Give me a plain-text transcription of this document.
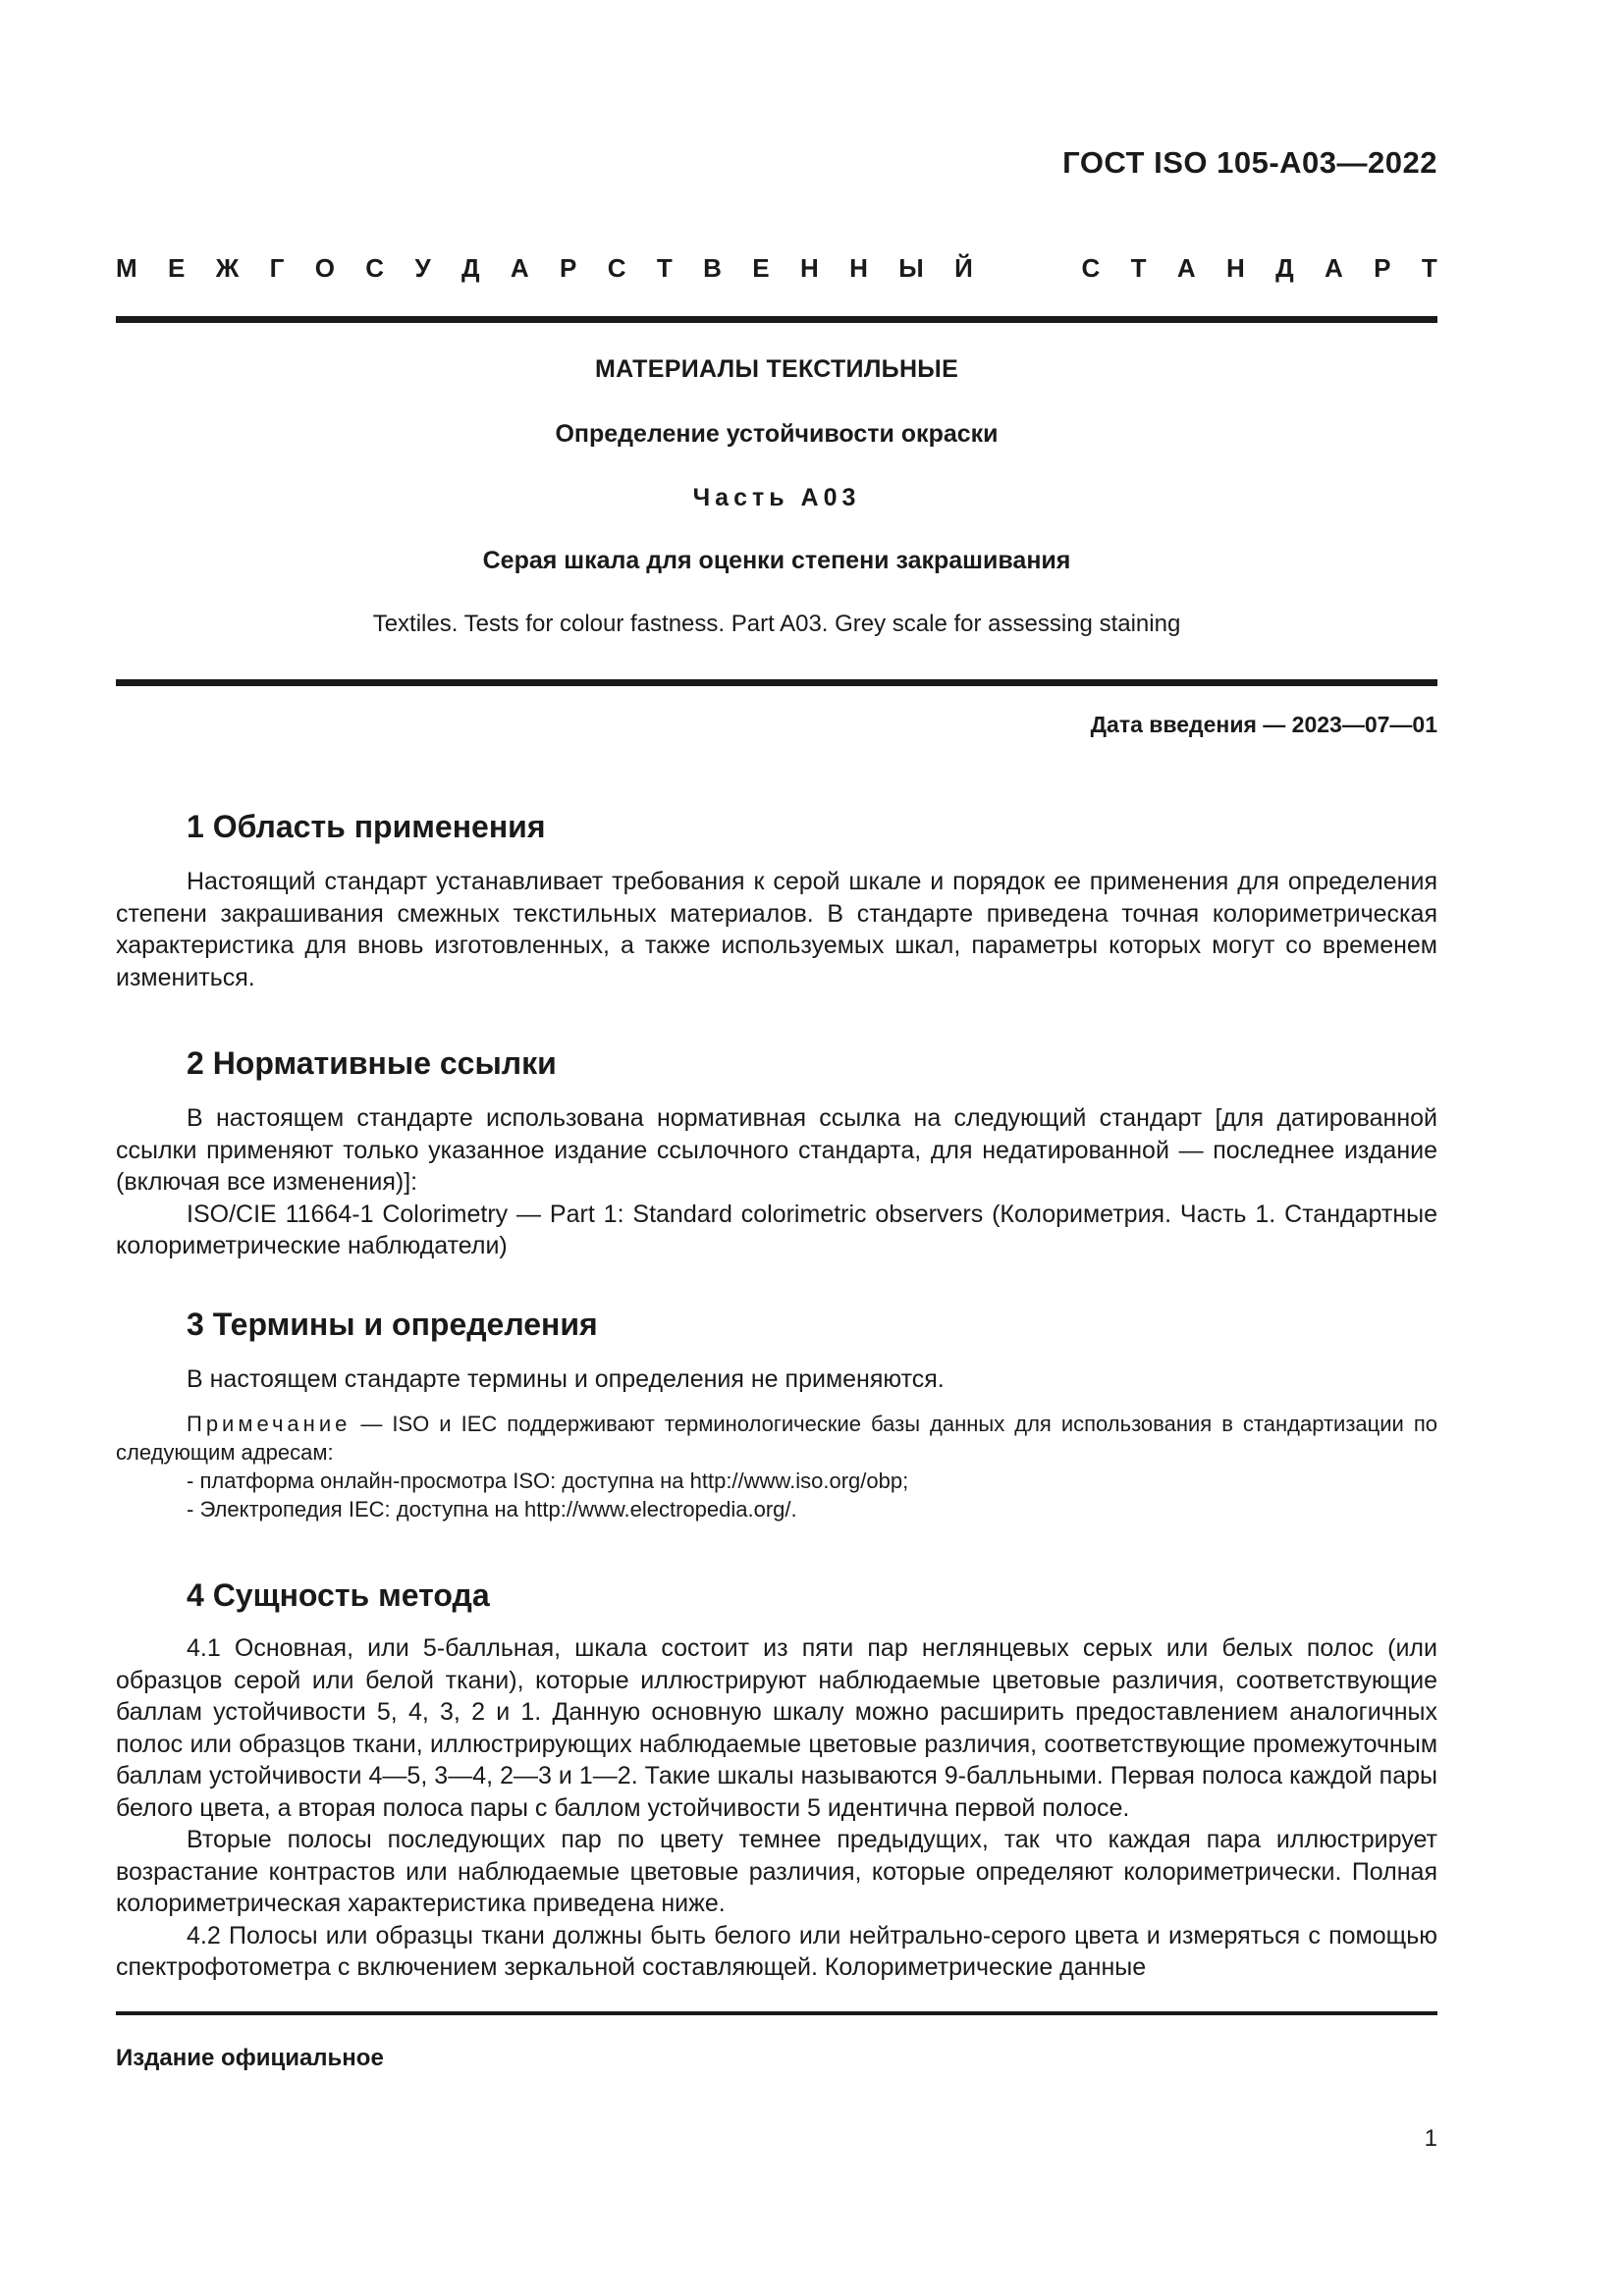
ГОСТ ISO 105-A03—2022
М Е Ж Г О С У Д А Р С Т В Е Н Н Ы Й	С Т А Н Д А Р Т
МАТЕРИАЛЫ ТЕКСТИЛЬНЫЕ
Определение устойчивости окраски
Часть А03
Серая шкала для оценки степени закрашивания
Textiles. Tests for colour fastness. Part A03. Grey scale for assessing staining
Дата введения — 2023—07—01
1 Область применения

Настоящий стандарт устанавливает требования к серой шкале и порядок ее применения для определения степени закрашивания смежных текстильных материалов. В стандарте приведена точная колориметрическая характеристика для вновь изготовленных, а также используемых шкал, параметры которых могут со временем измениться.

2 Нормативные ссылки

В настоящем стандарте использована нормативная ссылка на следующий стандарт [для датированной ссылки применяют только указанное издание ссылочного стандарта, для недатированной — последнее издание (включая все изменения)]:

ISO/CIE 11664-1 Colorimetry — Part 1: Standard colorimetric observers (Колориметрия. Часть 1. Стандартные колориметрические наблюдатели)

3 Термины и определения

В настоящем стандарте термины и определения не применяются.

Примечание — ISO и IEC поддерживают терминологические базы данных для использования в стандартизации по следующим адресам:
- платформа онлайн-просмотра ISO: доступна на http://www.iso.org/obp;
- Электропедия IEC: доступна на http://www.electropedia.org/.
4 Сущность метода

4.1 Основная, или 5-балльная, шкала состоит из пяти пар неглянцевых серых или белых полос (или образцов серой или белой ткани), которые иллюстрируют наблюдаемые цветовые различия, соответствующие баллам устойчивости 5, 4, 3, 2 и 1. Данную основную шкалу можно расширить предоставлением аналогичных полос или образцов ткани, иллюстрирующих наблюдаемые цветовые различия, соответствующие промежуточным баллам устойчивости 4—5, 3—4, 2—3 и 1—2. Такие шкалы называются 9-балльными. Первая полоса каждой пары белого цвета, а вторая полоса пары с баллом устойчивости 5 идентична первой полосе.

Вторые полосы последующих пар по цвету темнее предыдущих, так что каждая пара иллюстрирует возрастание контрастов или наблюдаемые цветовые различия, которые определяют колориметрически. Полная колориметрическая характеристика приведена ниже.

4.2 Полосы или образцы ткани должны быть белого или нейтрально-серого цвета и измеряться с помощью спектрофотометра с включением зеркальной составляющей. Колориметрические данные

Издание официальное
1
